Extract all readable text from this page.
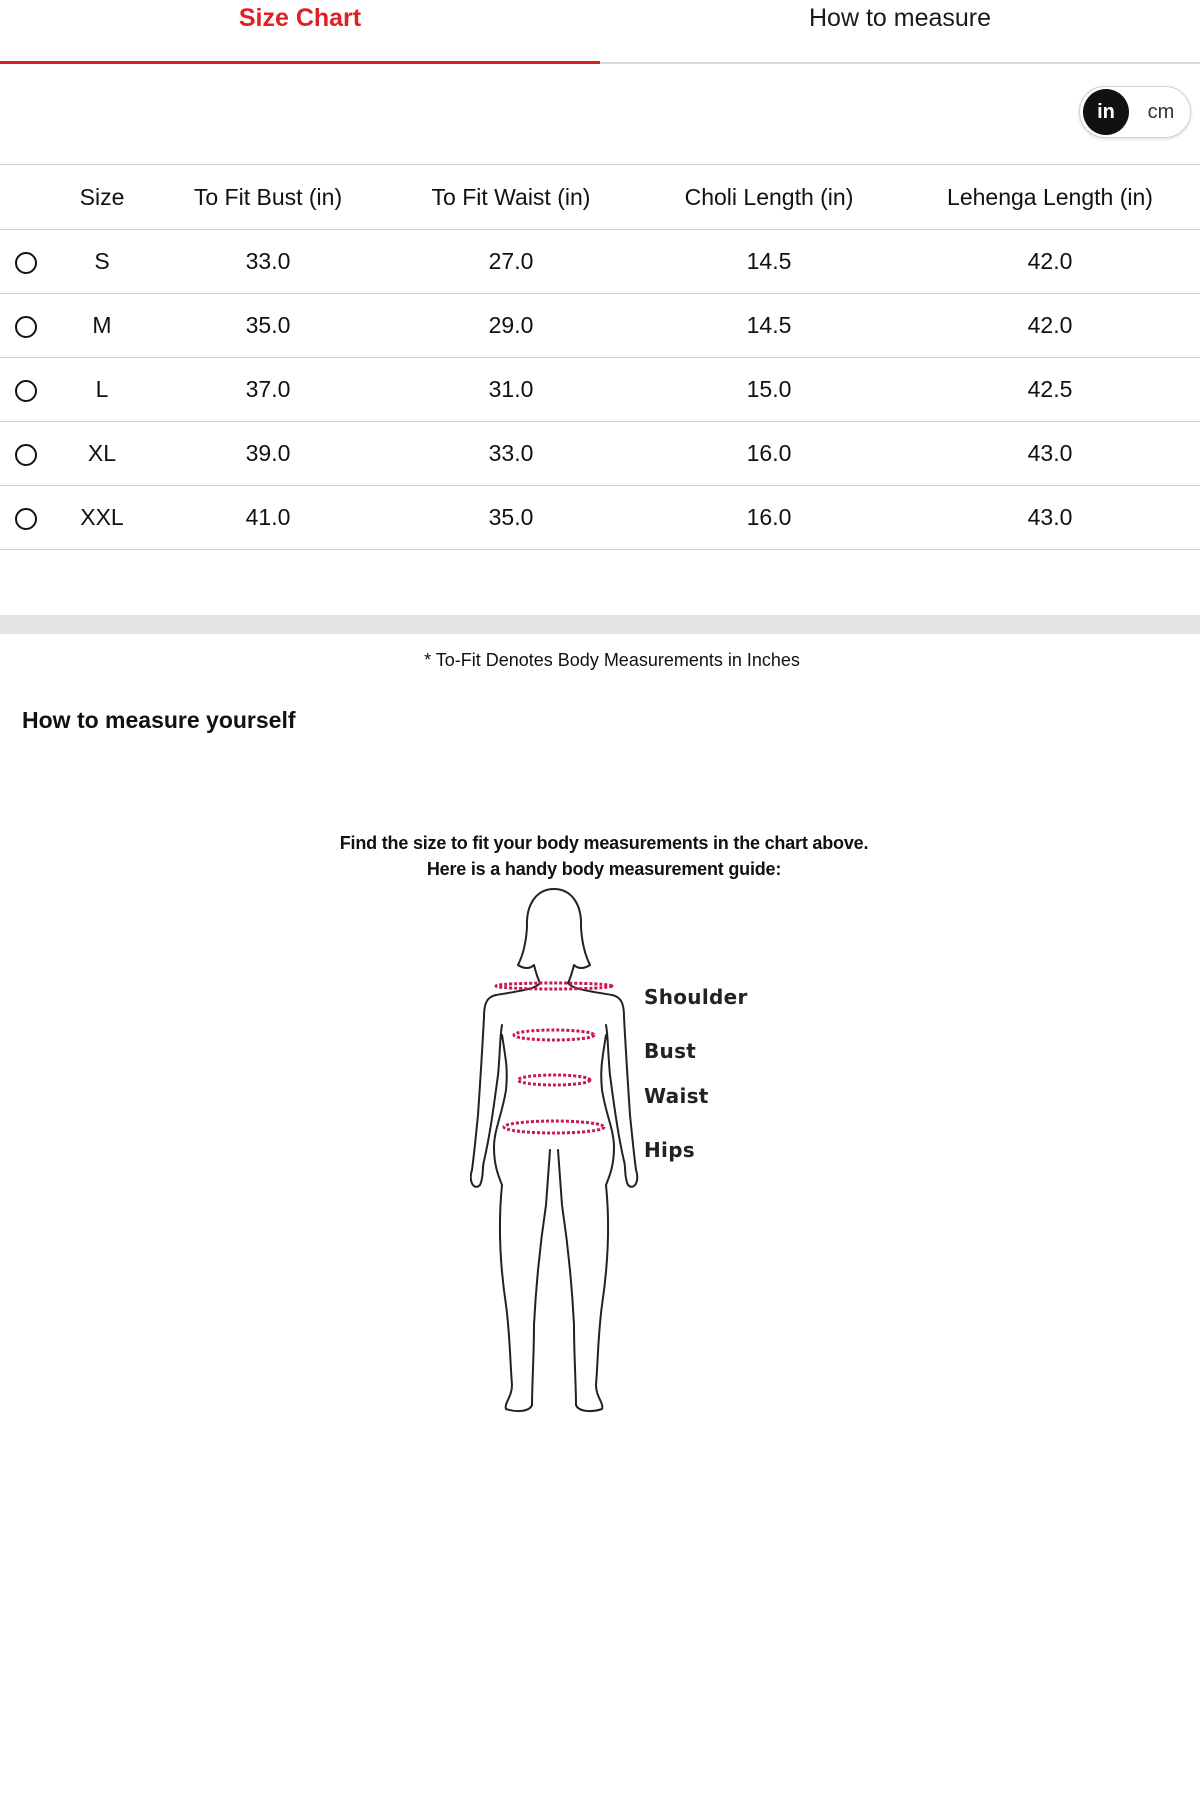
Size Chart	How to measure
in	cm
	Size	To Fit Bust (in)	To Fit Waist (in)	Choli Length (in)	Lehenga Length (in)
	S	33.0	27.0	14.5	42.0
	M	35.0	29.0	14.5	42.0
	L	37.0	31.0	15.0	42.5
	XL	39.0	33.0	16.0	43.0
	XXL	41.0	35.0	16.0	43.0
* To-Fit Denotes Body Measurements in Inches
How to measure yourself
Find the size to fit your body measurements in the chart above.
Here is a handy body measurement guide:
Shoulder
Bust
Waist
Hips
